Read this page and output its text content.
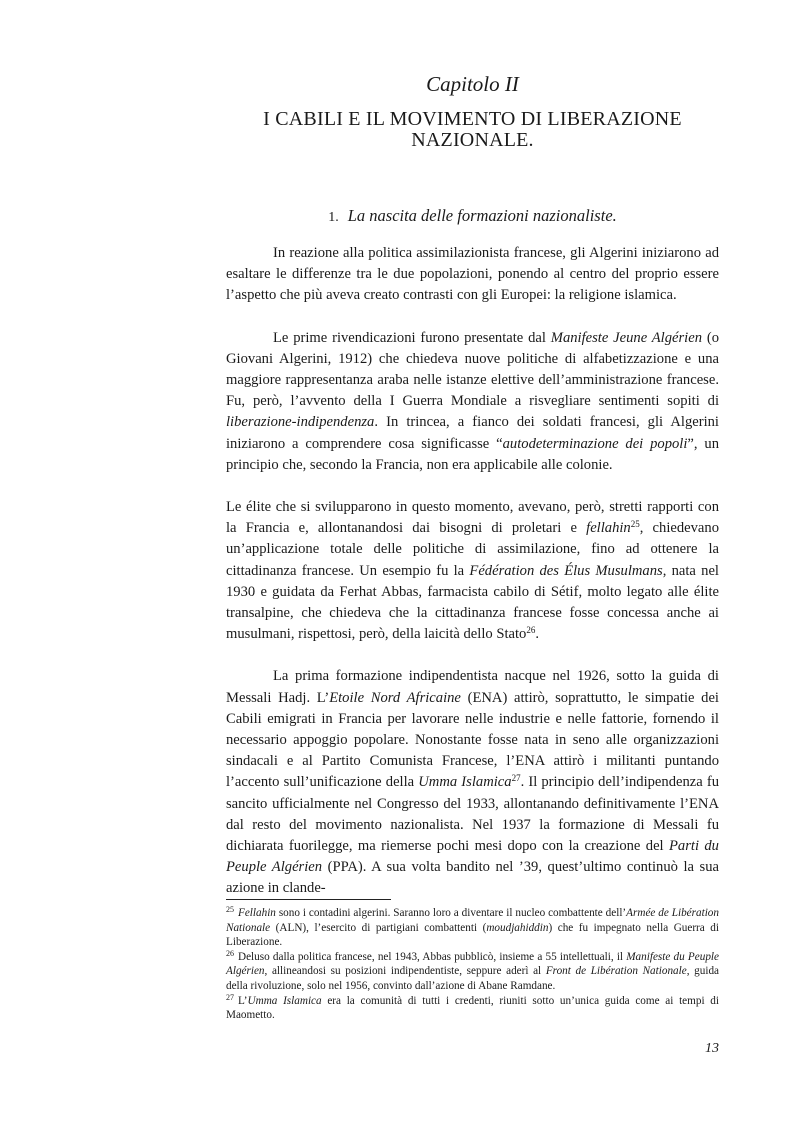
Capitolo II
I CABILI E IL MOVIMENTO DI LIBERAZIONE
NAZIONALE.
1. La nascita delle formazioni nazionaliste.

In reazione alla politica assimilazionista francese, gli Algerini iniziarono ad esaltare le differenze tra le due popolazioni, ponendo al centro del proprio essere l’aspetto che più aveva creato contrasti con gli Europei: la religione islamica.

Le prime rivendicazioni furono presentate dal Manifeste Jeune Algérien (o Giovani Algerini, 1912) che chiedeva nuove politiche di alfabetizzazione e una maggiore rappresentanza araba nelle istanze elettive dell’amministrazione francese. Fu, però, l’avvento della I Guerra Mondiale a risvegliare sentimenti sopiti di liberazione-indipendenza. In trincea, a fianco dei soldati francesi, gli Algerini iniziarono a comprendere cosa significasse “autodeterminazione dei popoli”, un principio che, secondo la Francia, non era applicabile alle colonie.

Le élite che si svilupparono in questo momento, avevano, però, stretti rapporti con la Francia e, allontanandosi dai bisogni di proletari e fellahin$^{25}$, chiedevano un’applicazione totale delle politiche di assimilazione, fino ad ottenere la cittadinanza francese. Un esempio fu la Fédération des Élus Musulmans, nata nel 1930 e guidata da Ferhat Abbas, farmacista cabilo di Sétif, molto legato alle élite transalpine, che chiedeva che la cittadinanza francese fosse concessa anche ai musulmani, rispettosi, però, della laicità dello Stato$^{26}$.

La prima formazione indipendentista nacque nel 1926, sotto la guida di Messali Hadj. L’Etoile Nord Africaine (ENA) attirò, soprattutto, le simpatie dei Cabili emigrati in Francia per lavorare nelle industrie e nelle fattorie, fornendo il necessario appoggio popolare. Nonostante fosse nata in seno alle organizzazioni sindacali e al Partito Comunista Francese, l’ENA attirò i militanti puntando l’accento sull’unificazione della Umma Islamica$^{27}$. Il principio dell’indipendenza fu sancito ufficialmente nel Congresso del 1933, allontanando definitivamente l’ENA dal resto del movimento nazionalista. Nel 1937 la formazione di Messali fu dichiarata fuorilegge, ma riemerse pochi mesi dopo con la creazione del Parti du Peuple Algérien (PPA). A sua volta bandito nel ’39, quest’ultimo continuò la sua azione in clande-

$^{25}$ Fellahin sono i contadini algerini. Saranno loro a diventare il nucleo combattente dell’Armée de Libération Nationale (ALN), l’esercito di partigiani combattenti (moudjahiddin) che fu impegnato nella Guerra di Liberazione.

$^{26}$ Deluso dalla politica francese, nel 1943, Abbas pubblicò, insieme a 55 intellettuali, il Manifeste du Peuple Algérien, allineandosi su posizioni indipendentiste, seppure aderì al Front de Libération Nationale, guida della rivoluzione, solo nel 1956, convinto dall’azione di Abane Ramdane.

$^{27}$ L’Umma Islamica era la comunità di tutti i credenti, riuniti sotto un’unica guida come ai tempi di Maometto.

13
